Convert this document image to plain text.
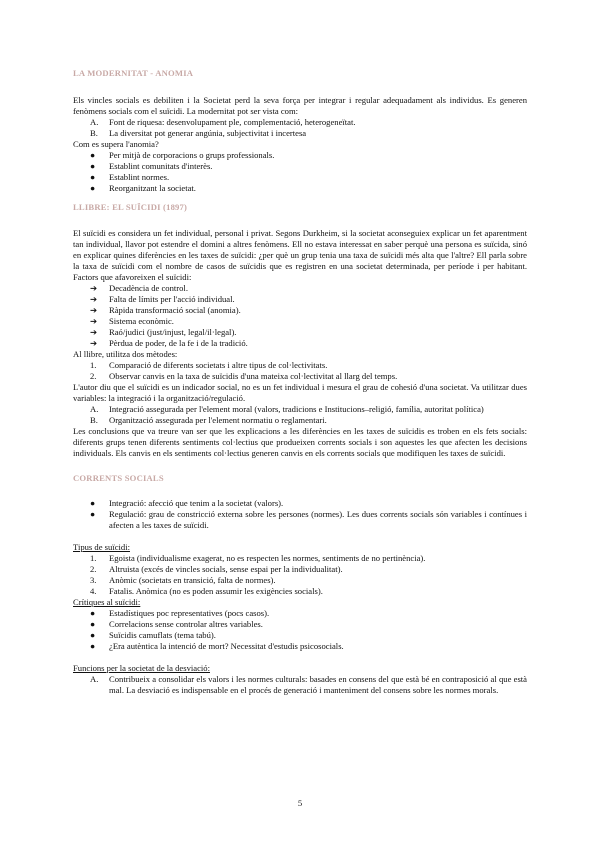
LA MODERNITAT - ANOMIA

Els vincles socials es debiliten i la Societat perd la seva força per integrar i regular adequadament als individus. Es generen fenòmens socials com el suïcidi. La modernitat pot ser vista com:

A.	Font de riquesa: desenvolupament ple, complementació, heterogeneïtat.
B.	La diversitat pot generar angúnia, subjectivitat i incertesa

Com es supera l'anomia?

●	Per mitjà de corporacions o grups professionals.
●	Establint comunitats d'interès.
●	Establint normes.
●	Reorganitzant la societat.
LLIBRE: EL SUÏCIDI (1897)

El suïcidi es considera un fet individual, personal i privat. Segons Durkheim, si la societat aconseguiex explicar un fet aparentment tan individual, llavor pot estendre el domini a altres fenòmens. Ell no estava interessat en saber perquè una persona es suïcida, sinó en explicar quines diferències en les taxes de suïcidi: ¿per què un grup tenia una taxa de suïcidi més alta que l'altre? Ell parla sobre la taxa de suïcidi com el nombre de casos de suïcidis que es registren en una societat determinada, per període i per habitant. Factors que afavoreixen el suïcidi:

➔	Decadència de control.
➔	Falta de límits per l'acció individual.
➔	Ràpida transformació social (anomia).
➔	Sistema econòmic.
➔	Raó/judici (just/injust, legal/il·legal).
➔	Pèrdua de poder, de la fe i de la tradició.

Al llibre, utilitza dos mètodes:

1.	Comparació de diferents societats i altre tipus de col·lectivitats.
2.	Observar canvis en la taxa de suïcidis d'una mateixa col·lectivitat al llarg del temps.

L'autor diu que el suïcidi es un indicador social, no es un fet individual i mesura el grau de cohesió d'una societat. Va utilitzar dues variables: la integració i la organització/regulació.

A.	Integració assegurada per l'element moral (valors, tradicions e Institucions–religió, família, autoritat política)
B.	Organització assegurada per l'element normatiu o reglamentari.

Les conclusions que va treure van ser que les explicacions a les diferències en les taxes de suïcidis es troben en els fets socials: diferents grups tenen diferents sentiments col·lectius que produeixen corrents socials i son aquestes les que afecten les decisions individuals. Els canvis en els sentiments col·lectius generen canvis en els corrents socials que modifiquen les taxes de suïcidi.

CORRENTS SOCIALS
●	Integració: afecció que tenim a la societat (valors).
●	Regulació: grau de constricció externa sobre les persones (normes). Les dues corrents socials són variables i contínues i afecten a les taxes de suïcidi.

Tipus de suïcidi:

1.	Egoista (individualisme exagerat, no es respecten les normes, sentiments de no pertinència).
2.	Altruista (excés de vincles socials, sense espai per la individualitat).
3.	Anòmic (societats en transició, falta de normes).
4.	Fatalis. Anòmica (no es poden assumir les exigències socials).

Crítiques al suïcidi:

●	Estadístiques poc representatives (pocs casos).
●	Correlacions sense controlar altres variables.
●	Suïcidis camuflats (tema tabú).
●	¿Era autèntica la intenció de mort? Necessitat d'estudis psicosocials.

Funcions per la societat de la desviació:

A.	Contribueix a consolidar els valors i les normes culturals: basades en consens del que està bé en contraposició al que està mal. La desviació es indispensable en el procés de generació i manteniment del consens sobre les normes morals.
5
